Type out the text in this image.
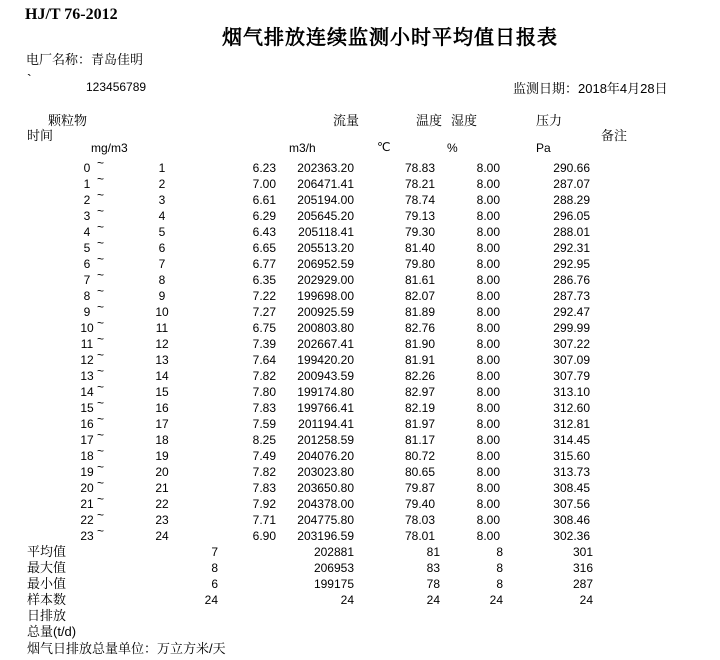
HJ/T 76-2012
烟气排放连续监测小时平均值日报表
电厂名称：青岛佳明
`	123456789	监测日期：2018年4月28日
颗粒物	流量	温度 湿度	压力
时间	备注
mg/m3	m3/h	℃	%	Pa
0 ~	1	6.23	202363.20	78.83	8.00	290.66
1 ~	2	7.00	206471.41	78.21	8.00	287.07
2 ~	3	6.61	205194.00	78.74	8.00	288.29
3 ~	4	6.29	205645.20	79.13	8.00	296.05
4 ~	5	6.43	205118.41	79.30	8.00	288.01
5 ~	6	6.65	205513.20	81.40	8.00	292.31
6 ~	7	6.77	206952.59	79.80	8.00	292.95
7 ~	8	6.35	202929.00	81.61	8.00	286.76
8 ~	9	7.22	199698.00	82.07	8.00	287.73
9 ~	10	7.27	200925.59	81.89	8.00	292.47
10 ~	11	6.75	200803.80	82.76	8.00	299.99
11 ~	12	7.39	202667.41	81.90	8.00	307.22
12 ~	13	7.64	199420.20	81.91	8.00	307.09
13 ~	14	7.82	200943.59	82.26	8.00	307.79
14 ~	15	7.80	199174.80	82.97	8.00	313.10
15 ~	16	7.83	199766.41	82.19	8.00	312.60
16 ~	17	7.59	201194.41	81.97	8.00	312.81
17 ~	18	8.25	201258.59	81.17	8.00	314.45
18 ~	19	7.49	204076.20	80.72	8.00	315.60
19 ~	20	7.82	203023.80	80.65	8.00	313.73
20 ~	21	7.83	203650.80	79.87	8.00	308.45
21 ~	22	7.92	204378.00	79.40	8.00	307.56
22 ~	23	7.71	204775.80	78.03	8.00	308.46
23 ~	24	6.90	203196.59	78.01	8.00	302.36
平均值	7	202881	81	8	301
最大值	8	206953	83	8	316
最小值	6	199175	78	8	287
样本数	24	24	24	24	24
日排放
总量(t/d)
烟气日排放总量单位：万立方米/天
